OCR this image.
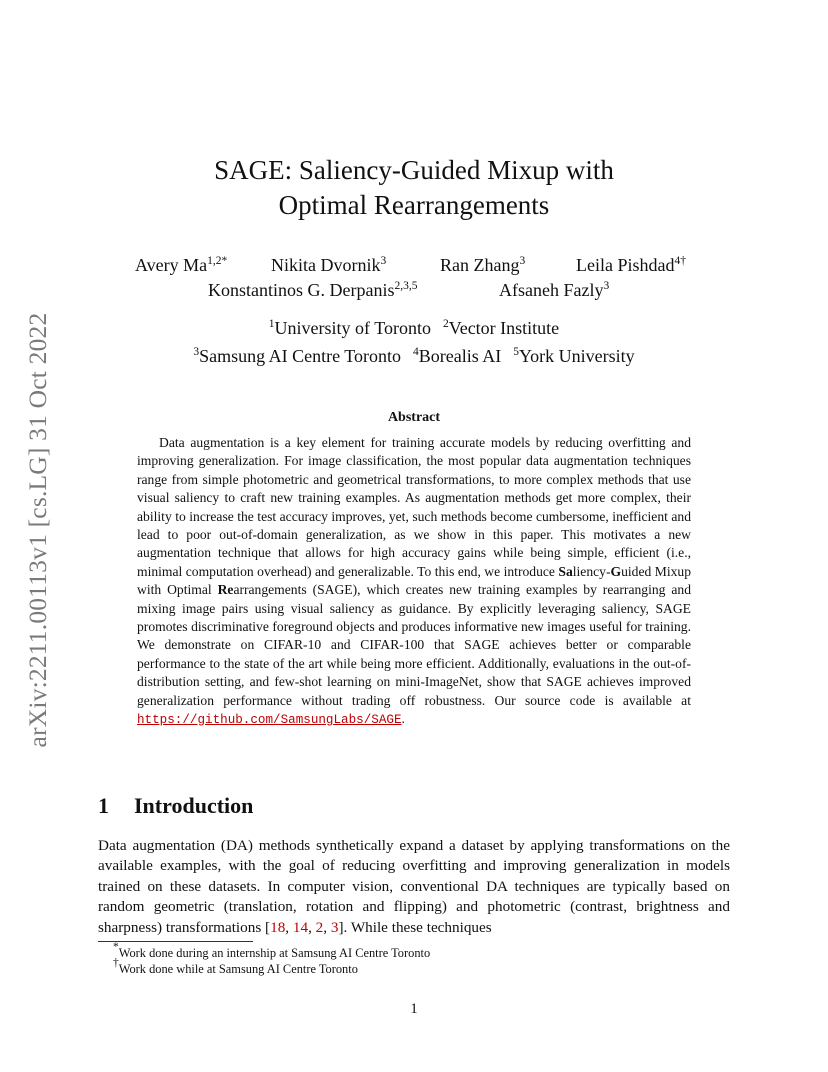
arXiv:2211.00113v1 [cs.LG] 31 Oct 2022
SAGE: Saliency-Guided Mixup with
Optimal Rearrangements
Avery $Ma^{1,2*}$ Nikita Dvornik$^3$	Ran Zhang$^3$	Leila Pishdad$^{4\dagger}$
Konstantinos G. Derpanis$^{2,3,5}$	Afsaneh Fazly$^3$
$^1$University of Toronto $^2$Vector Institute
$^3$Samsung AI Centre Toronto $^4$Borealis AI $^5$York University
Abstract
Data augmentation is a key element for training accurate models by reducing overfitting and improving generalization. For image classification, the most popular data augmentation techniques range from simple photometric and geometrical transformations, to more complex methods that use visual saliency to craft new training examples. As augmentation methods get more complex, their ability to increase the test accuracy improves, yet, such methods become cumbersome, inefficient and lead to poor out-of-domain generalization, as we show in this paper. This motivates a new augmentation technique that allows for high accuracy gains while being simple, efficient (i.e., minimal computation overhead) and generalizable. To this end, we introduce Saliency-Guided Mixup with Optimal Rearrangements (SAGE), which creates new training examples by rearranging and mixing image pairs using visual saliency as guidance. By explicitly leveraging saliency, SAGE promotes discriminative foreground objects and produces informative new images useful for training. We demonstrate on CIFAR-10 and CIFAR-100 that SAGE achieves better or comparable performance to the state of the art while being more efficient. Additionally, evaluations in the out-of-distribution setting, and few-shot learning on mini-ImageNet, show that SAGE achieves improved generalization performance without trading off robustness. Our source code is available at https://github.com/SamsungLabs/SAGE.
1 Introduction
Data augmentation (DA) methods synthetically expand a dataset by applying transformations on the available examples, with the goal of reducing overfitting and improving generalization in models trained on these datasets. In computer vision, conventional DA techniques are typically based on random geometric (translation, rotation and flipping) and photometric (contrast, brightness and sharpness) transformations [18, 14, 2, 3]. While these techniques
*Work done during an internship at Samsung AI Centre Toronto
†Work done while at Samsung AI Centre Toronto
1
